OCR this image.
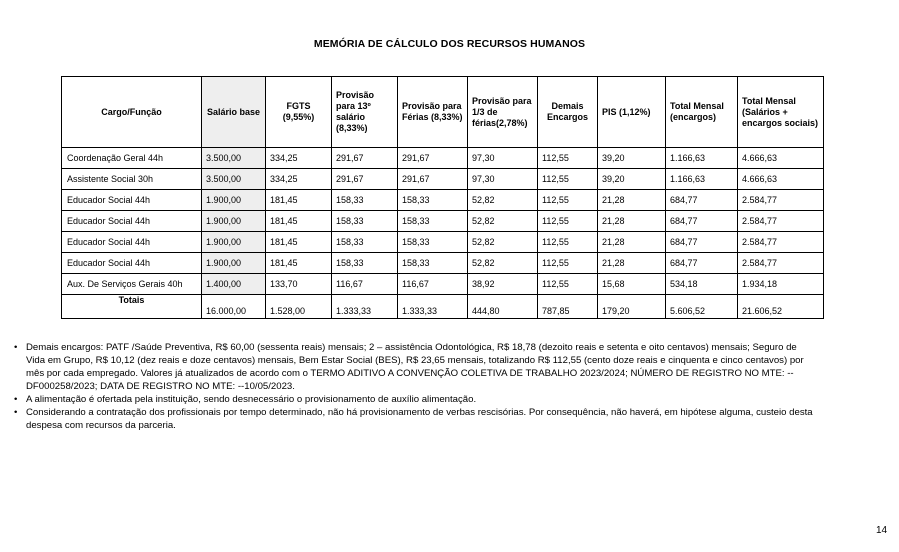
MEMÓRIA DE CÁLCULO DOS RECURSOS HUMANOS
Cargo/Função	Salário base	FGTS (9,55%)	Provisão para 13º salário (8,33%)	Provisão para Férias (8,33%)	Provisão para 1/3 de férias(2,78%)	Demais Encargos	PIS (1,12%)	Total Mensal (encargos)	Total Mensal (Salários + encargos sociais)
Coordenação Geral 44h	3.500,00	334,25	291,67	291,67	97,30	112,55	39,20	1.166,63	4.666,63
Assistente Social 30h	3.500,00	334,25	291,67	291,67	97,30	112,55	39,20	1.166,63	4.666,63
Educador Social 44h	1.900,00	181,45	158,33	158,33	52,82	112,55	21,28	684,77	2.584,77
Educador Social 44h	1.900,00	181,45	158,33	158,33	52,82	112,55	21,28	684,77	2.584,77
Educador Social 44h	1.900,00	181,45	158,33	158,33	52,82	112,55	21,28	684,77	2.584,77
Educador Social 44h	1.900,00	181,45	158,33	158,33	52,82	112,55	21,28	684,77	2.584,77
Aux. De Serviços Gerais 40h	1.400,00	133,70	116,67	116,67	38,92	112,55	15,68	534,18	1.934,18
Totais	16.000,00	1.528,00	1.333,33	1.333,33	444,80	787,85	179,20	5.606,52	21.606,52
• Demais encargos: PATF /Saúde Preventiva, R$ 60,00 (sessenta reais) mensais; 2 – assistência Odontológica, R$ 18,78 (dezoito reais e setenta e oito centavos) mensais; Seguro de Vida em Grupo, R$ 10,12 (dez reais e doze centavos) mensais, Bem Estar Social (BES), R$ 23,65 mensais, totalizando R$ 112,55 (cento doze reais e cinquenta e cinco centavos) por mês por cada empregado. Valores já atualizados de acordo com o TERMO ADITIVO A CONVENÇÃO COLETIVA DE TRABALHO 2023/2024; NÚMERO DE REGISTRO NO MTE: --DF000258/2023; DATA DE REGISTRO NO MTE: --10/05/2023.
• A alimentação é ofertada pela instituição, sendo desnecessário o provisionamento de auxílio alimentação.
• Considerando a contratação dos profissionais por tempo determinado, não há provisionamento de verbas rescisórias. Por consequência, não haverá, em hipótese alguma, custeio desta despesa com recursos da parceria.
14
